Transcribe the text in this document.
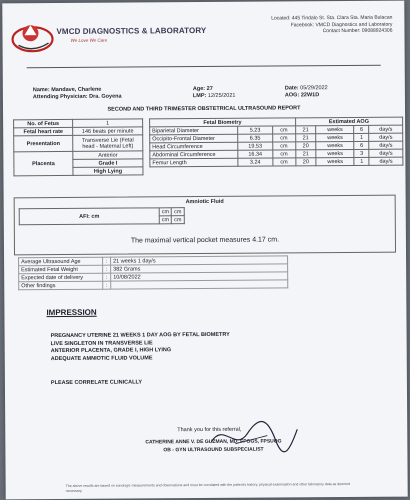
VMCD DIAGNOSTICS & LABORATORY
We Love We Care
Located: 445 Tindalo St. Sta. Clara Sta. Maria Bulacan
Facebook: VMCD Diagnostics and Laboratory
Contact Number: 09088924306
Name: Mandave, Charlene
Attending Physician: Dra. Goyena
Age: 27
LMP: 12/25/2021
Date: 05/29/2022
AOG: 22W1D
SECOND AND THIRD TRIMESTER OBSTETRICAL ULTRASOUND REPORT
No. of Fetus	1
Fetal heart rate	146 beats per minute
Presentation	Transverse Lie (Fetal head - Maternal Left)
Placenta	Anterior
	Grade I
	High Lying
Fetal Biometry			Estimated AOG			
Biparietal Diameter	5.23	cm	21	weeks	6	day/s
Occipito-Frontal Diameter	6.35	cm	21	weeks	1	day/s
Head Circumference	19.53	cm	20	weeks	6	day/s
Abdominal Circumference	16.34	cm	21	weeks	3	day/s
Femur Length	3.24	cm	20	weeks	1	day/s
Amniotic Fluid
AFI: cm	cm	cm
	cm	cm
The maximal vertical pocket measures 4.17 cm.
Average Ultrasound Age	:	21 weeks 1 day/s
Estimated Fetal Weight	:	382 Grams
Expected date of delivery	:	10/08/2022
Other findings	:	
IMPRESSION
PREGNANCY UTERINE 21 WEEKS 1 DAY AOG BY FETAL BIOMETRY
LIVE SINGLETON IN TRANSVERSE LIE
ANTERIOR PLACENTA, GRADE I, HIGH LYING
ADEQUATE AMNIOTIC FLUID VOLUME
PLEASE CORRELATE CLINICALLY
Thank you for this referral,
CATHERINE ANNE V. DE GUZMAN, MD, FPOGS, FPSUOG
OB - GYN ULTRASOUND SUBSPECIALIST
The above results are based on sonologic measurements and observations and must be correlated with the patient's history, physical examination and other laboratory data as deemed necessary.
